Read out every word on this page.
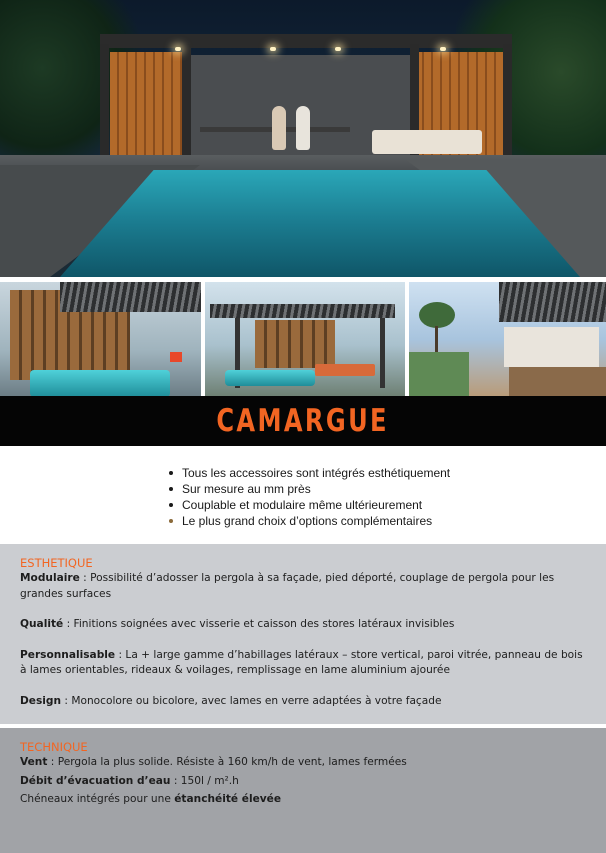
CAMARGUE
Tous les accessoires sont intégrés esthétiquement
Sur mesure au mm près
Couplable et modulaire même ultérieurement
Le plus grand choix d’options complémentaires
ESTHETIQUE

Modulaire : Possibilité d’adosser la pergola à sa façade, pied déporté, couplage de pergola pour les grandes surfaces

Qualité : Finitions soignées avec visserie et caisson des stores latéraux invisibles

Personnalisable : La + large gamme d’habillages latéraux – store vertical, paroi vitrée, panneau de bois à lames orientables, rideaux & voilages, remplissage en lame aluminium ajourée

Design : Monocolore ou bicolore, avec lames en verre adaptées à votre façade

TECHNIQUE

Vent : Pergola la plus solide. Résiste à 160 km/h de vent, lames fermées

Débit d’évacuation d’eau : 150l / m².h

Chéneaux intégrés pour une étanchéité élevée
